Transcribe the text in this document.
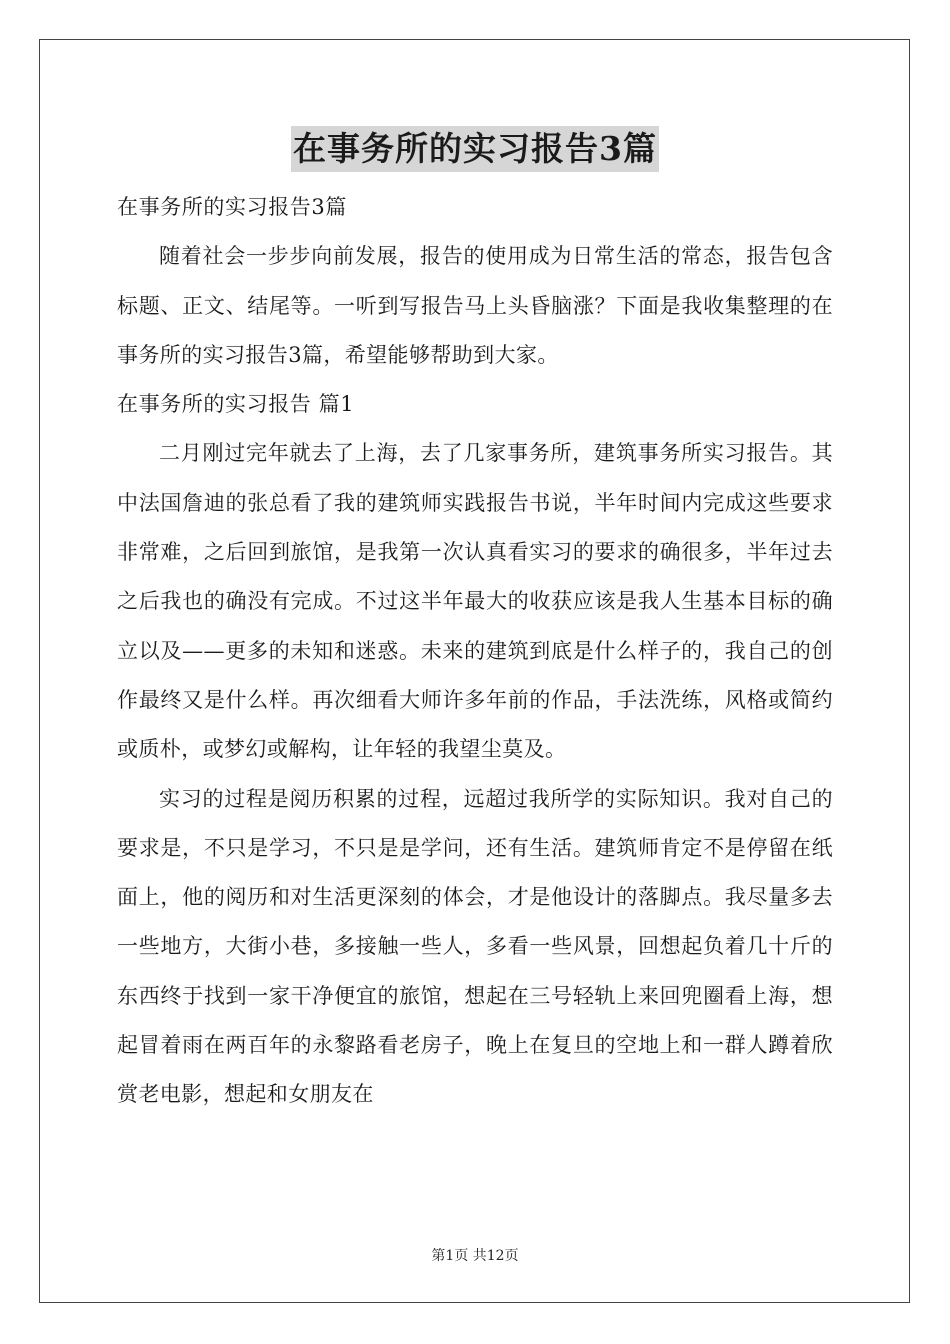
在事务所的实习报告3篇

在事务所的实习报告3篇

随着社会一步步向前发展，报告的使用成为日常生活的常态，报告包含标题、正文、结尾等。一听到写报告马上头昏脑涨？下面是我收集整理的在事务所的实习报告3篇，希望能够帮助到大家。

在事务所的实习报告 篇1

二月刚过完年就去了上海，去了几家事务所，建筑事务所实习报告。其中法国詹迪的张总看了我的建筑师实践报告书说，半年时间内完成这些要求非常难，之后回到旅馆，是我第一次认真看实习的要求的确很多，半年过去之后我也的确没有完成。不过这半年最大的收获应该是我人生基本目标的确立以及——更多的未知和迷惑。未来的建筑到底是什么样子的，我自己的创作最终又是什么样。再次细看大师许多年前的作品，手法洗练，风格或简约或质朴，或梦幻或解构，让年轻的我望尘莫及。

实习的过程是阅历积累的过程，远超过我所学的实际知识。我对自己的要求是，不只是学习，不只是是学问，还有生活。建筑师肯定不是停留在纸面上，他的阅历和对生活更深刻的体会，才是他设计的落脚点。我尽量多去一些地方，大街小巷，多接触一些人，多看一些风景，回想起负着几十斤的东西终于找到一家干净便宜的旅馆，想起在三号轻轨上来回兜圈看上海，想起冒着雨在两百年的永黎路看老房子，晚上在复旦的空地上和一群人蹲着欣赏老电影，想起和女朋友在

第1页 共12页
